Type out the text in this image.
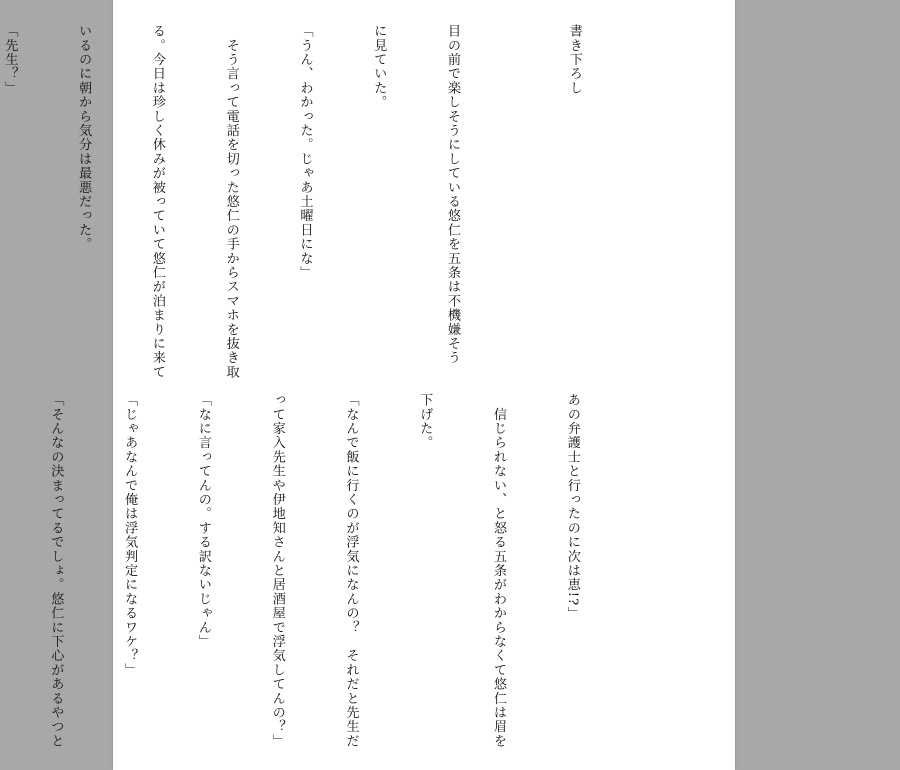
書き下ろし

目の前で楽しそうにしている悠仁を五条は不機嫌そう

に見ていた。

「うん、わかった。じゃあ土曜日にな」

　そう言って電話を切った悠仁の手からスマホを抜き取

る。今日は珍しく休みが被っていて悠仁が泊まりに来て

いるのに朝から気分は最悪だった。

「先生？」

あの弁護士と行ったのに次は恵!?」

　信じられない、と怒る五条がわからなくて悠仁は眉を

下げた。

「なんで飯に行くのが浮気になんの？　それだと先生だ

って家入先生や伊地知さんと居酒屋で浮気してんの？」

「なに言ってんの。する訳ないじゃん」

「じゃあなんで俺は浮気判定になるワケ？」

「そんなの決まってるでしょ。悠仁に下心があるやつと
